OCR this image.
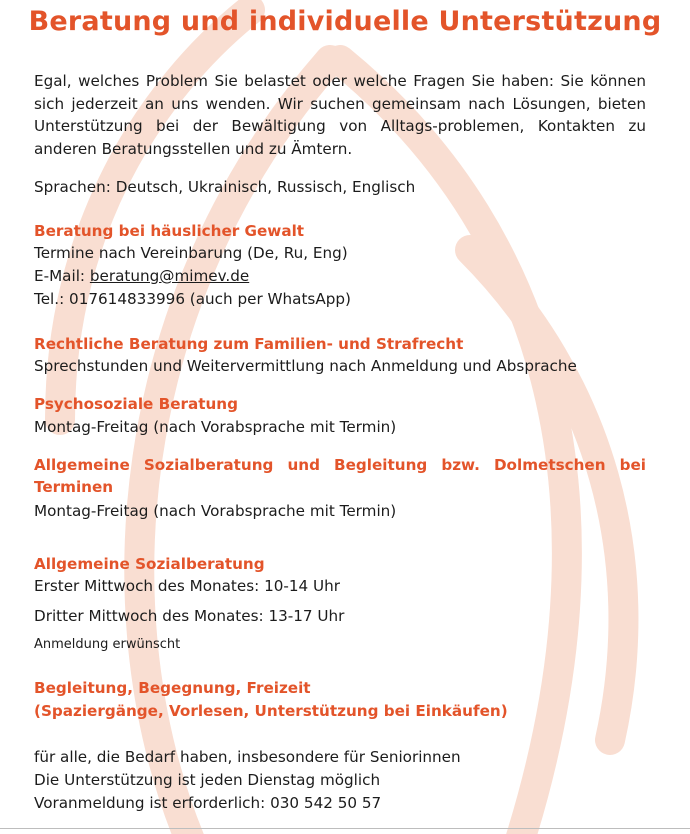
Beratung und individuelle Unterstützung
Egal, welches Problem Sie belastet oder welche Fragen Sie haben: Sie können sich jederzeit an uns wenden. Wir suchen gemeinsam nach Lösungen, bieten Unterstützung bei der Bewältigung von Alltags-problemen, Kontakten zu anderen Beratungsstellen und zu Ämtern.
Sprachen: Deutsch, Ukrainisch, Russisch, Englisch
Beratung bei häuslicher Gewalt
Termine nach Vereinbarung (De, Ru, Eng)
E-Mail: beratung@mimev.de
Tel.: 017614833996 (auch per WhatsApp)
Rechtliche Beratung zum Familien- und Strafrecht
Sprechstunden und Weitervermittlung nach Anmeldung und Absprache
Psychosoziale Beratung
Montag-Freitag (nach Vorabsprache mit Termin)
Allgemeine Sozialberatung und Begleitung bzw. Dolmetschen bei Terminen
Montag-Freitag (nach Vorabsprache mit Termin)
Allgemeine Sozialberatung
Erster Mittwoch des Monates: 10-14 Uhr
Dritter Mittwoch des Monates: 13-17 Uhr
Anmeldung erwünscht
Begleitung, Begegnung, Freizeit
(Spaziergänge, Vorlesen, Unterstützung bei Einkäufen)
für alle, die Bedarf haben, insbesondere für Seniorinnen
Die Unterstützung ist jeden Dienstag möglich
Voranmeldung ist erforderlich: 030 542 50 57
